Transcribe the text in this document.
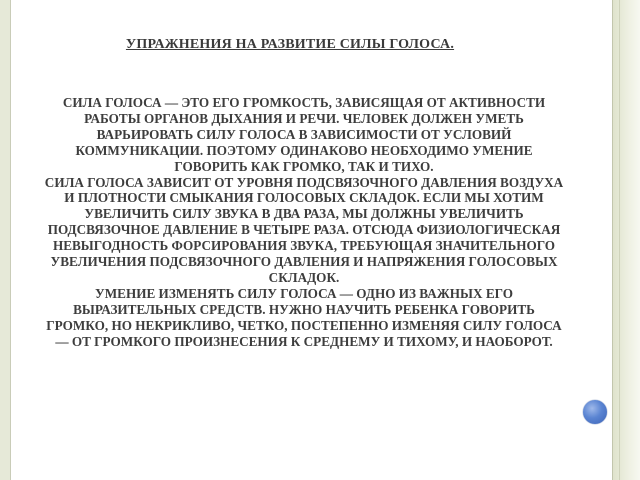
УПРАЖНЕНИЯ НА РАЗВИТИЕ СИЛЫ ГОЛОСА.

СИЛА ГОЛОСА — ЭТО ЕГО ГРОМКОСТЬ, ЗАВИСЯЩАЯ ОТ АКТИВНОСТИ РАБОТЫ ОРГАНОВ ДЫХАНИЯ И РЕЧИ. ЧЕЛОВЕК ДОЛЖЕН УМЕТЬ ВАРЬИРОВАТЬ СИЛУ ГОЛОСА В ЗАВИСИМОСТИ ОТ УСЛОВИЙ КОММУНИКАЦИИ. ПОЭТОМУ ОДИНАКОВО НЕОБХОДИМО УМЕНИЕ ГОВОРИТЬ КАК ГРОМКО, ТАК И ТИХО.

СИЛА ГОЛОСА ЗАВИСИТ ОТ УРОВНЯ ПОДСВЯЗОЧНОГО ДАВЛЕНИЯ ВОЗДУХА И ПЛОТНОСТИ СМЫКАНИЯ ГОЛОСОВЫХ СКЛАДОК. ЕСЛИ МЫ ХОТИМ УВЕЛИЧИТЬ СИЛУ ЗВУКА В ДВА РАЗА, МЫ ДОЛЖНЫ УВЕЛИЧИТЬ ПОДСВЯЗОЧНОЕ ДАВЛЕНИЕ В ЧЕТЫРЕ РАЗА. ОТСЮДА ФИЗИОЛОГИЧЕСКАЯ НЕВЫГОДНОСТЬ ФОРСИРОВАНИЯ ЗВУКА, ТРЕБУЮЩАЯ ЗНАЧИТЕЛЬНОГО УВЕЛИЧЕНИЯ ПОДСВЯЗОЧНОГО ДАВЛЕНИЯ И НАПРЯЖЕНИЯ ГОЛОСОВЫХ СКЛАДОК.

УМЕНИЕ ИЗМЕНЯТЬ СИЛУ ГОЛОСА — ОДНО ИЗ ВАЖНЫХ ЕГО ВЫРАЗИТЕЛЬНЫХ СРЕДСТВ. НУЖНО НАУЧИТЬ РЕБЕНКА ГОВОРИТЬ ГРОМКО, НО НЕКРИКЛИВО, ЧЕТКО, ПОСТЕПЕННО ИЗМЕНЯЯ СИЛУ ГОЛОСА — ОТ ГРОМКОГО ПРОИЗНЕСЕНИЯ К СРЕДНЕМУ И ТИХОМУ, И НАОБОРОТ.
